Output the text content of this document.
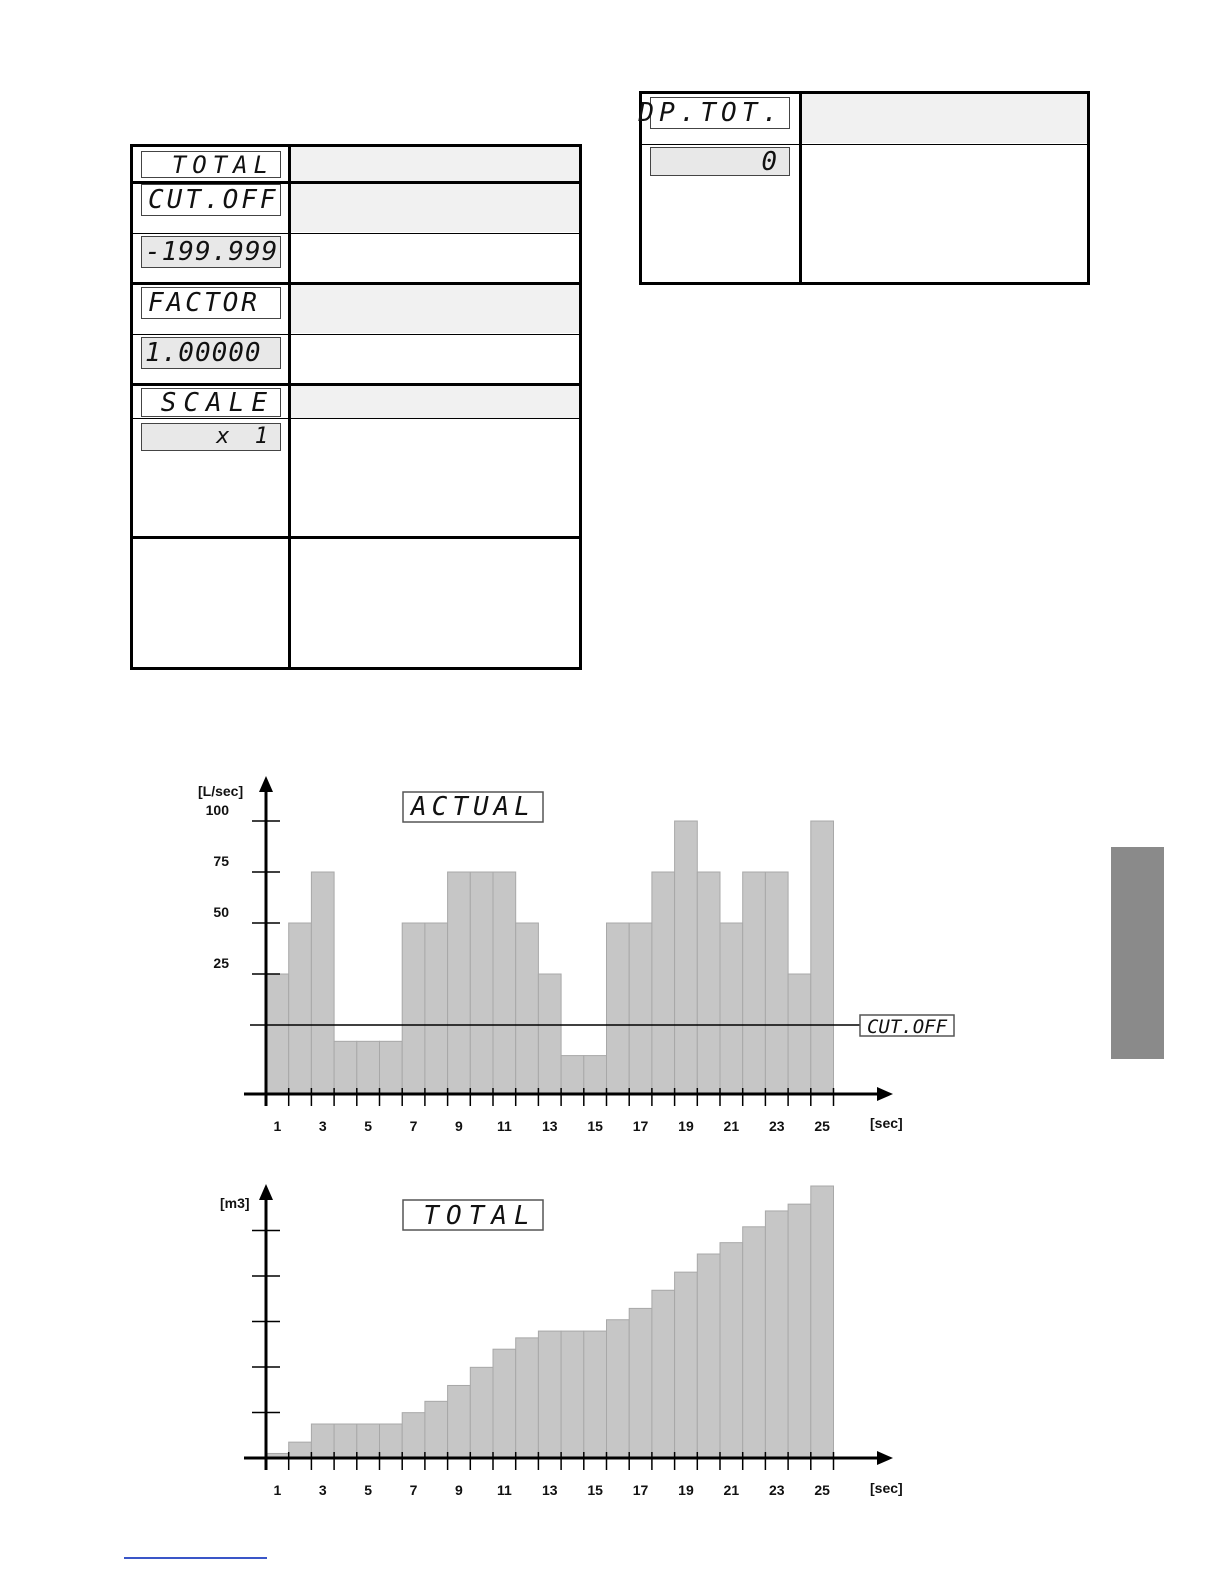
TOTAL
CUT.OFF
-199.999
FACTOR
1.00000
SCALE
x 1
DP.TOT.
0
25
50
75
100
1	3	5	7	9 11 13 15 17 19 21 23 25
ACTUAL
[L/sec]
[sec]
CUT.OFF
1	3	5	7	9 11 13 15 17 19 21 23 25
TOTAL
[m3]
[sec]
